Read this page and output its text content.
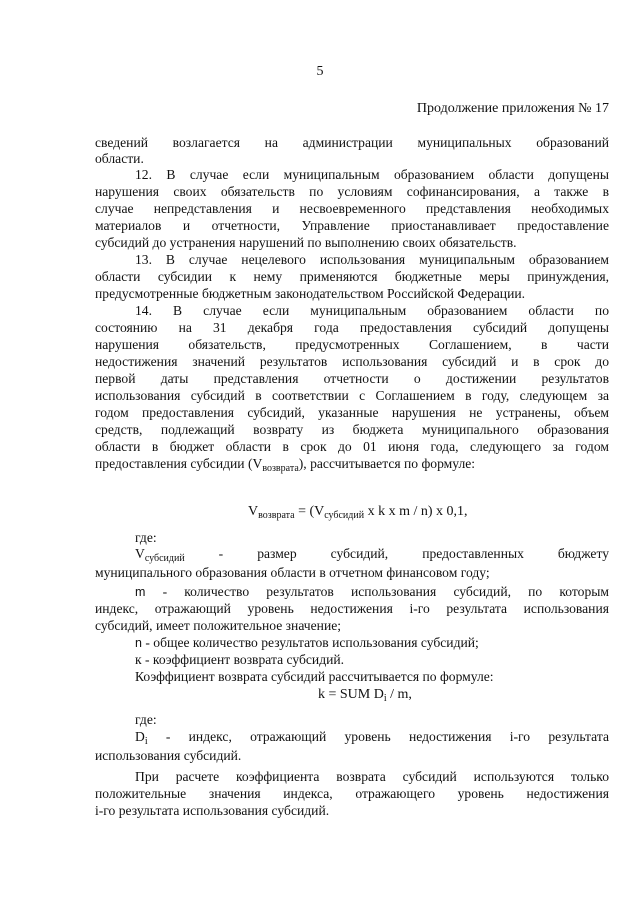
5
Продолжение приложения № 17
сведений возлагается на администрации муниципальных образований
области.
12. В случае если муниципальным образованием области допущены
нарушения своих обязательств по условиям софинансирования, а также в
случае непредставления и несвоевременного представления необходимых
материалов и отчетности, Управление приостанавливает предоставление
субсидий до устранения нарушений по выполнению своих обязательств.
13. В случае нецелевого использования муниципальным образованием
области субсидии к нему применяются бюджетные меры принуждения,
предусмотренные бюджетным законодательством Российской Федерации.
14. В случае если муниципальным образованием области по
состоянию на 31 декабря года предоставления субсидий допущены
нарушения обязательств, предусмотренных Соглашением, в части
недостижения значений результатов использования субсидий и в срок до
первой даты представления отчетности о достижении результатов
использования субсидий в соответствии с Соглашением в году, следующем за
годом предоставления субсидий, указанные нарушения не устранены, объем
средств, подлежащий возврату из бюджета муниципального образования
области в бюджет области в срок до 01 июня года, следующего за годом
предоставления субсидии $(V_{возврата})$, рассчитывается по формуле:
$V_{возврата} = (V_{субсидий}$ x k x m / n) x 0,1,
где:
$V_{субсидий}$ - размер субсидий, предоставленных бюджету
муниципального образования области в отчетном финансовом году;
m - количество результатов использования субсидий, по которым
индекс, отражающий уровень недостижения i-го результата использования
субсидий, имеет положительное значение;
n - общее количество результатов использования субсидий;
к - коэффициент возврата субсидий.
Коэффициент возврата субсидий рассчитывается по формуле:
k = SUM $D_i$ / m,
где:
$D_i$ - индекс, отражающий уровень недостижения i-го результата
использования субсидий.
При расчете коэффициента возврата субсидий используются только
положительные значения индекса, отражающего уровень недостижения
i-го результата использования субсидий.
